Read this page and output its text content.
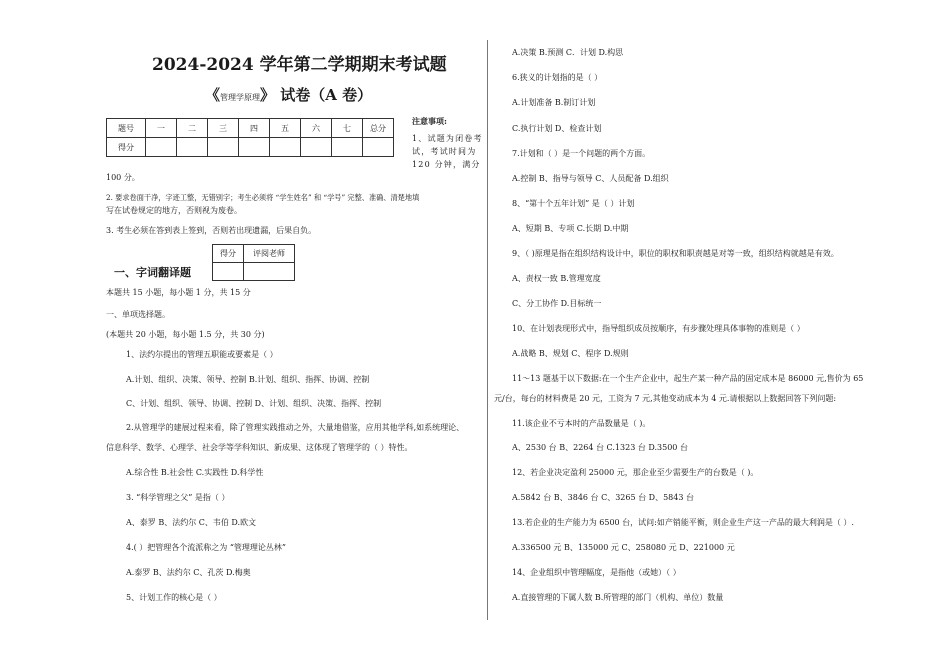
2024-2024 学年第二学期期末考试题
《管理学原理》 试卷（A 卷）
题号	一	二	三	四	五	六	七	总分
得分								
注意事项:
1、试题为闭卷考
试，考试时间为
120 分钟，满分
100 分。
2. 要求卷面干净，字迹工整，无错别字；考生必须将 “学生姓名” 和 “学号” 完整、准确、清楚地填
写在试卷规定的地方，否则视为废卷。
3. 考生必须在答到表上签到，否则若出现遗漏，后果自负。
得分	评阅老师

一、字词翻译题
本题共 15 小题，每小题 1 分，共 15 分
一、单项选择题。
(本题共 20 小题，每小题 1.5 分，共 30 分)
1、法约尔提出的管理五职能或要素是（ ）
A.计划、组织、决策、领导、控制 B.计划、组织、指挥、协调、控制
C、计划、组织、领导、协调、控制 D、计划、组织、决策、指挥、控制
2.从管理学的建展过程来看，除了管理实践推动之外，大量地借鉴，应用其他学科,如系统理论、
信息科学、数学、心理学、社会学等学科知识、新成果、这体现了管理学的（ ）特性。
A.综合性 B.社会性 C.实践性 D.科学性
3. “科学管理之父” 是指（ ）
A、泰罗 B、法约尔 C、韦伯 D.欧文
4.( ）把管理各个流派称之为 “管理理论丛林”
A.泰罗 B、法约尔 C、孔茨 D.梅奥
5、计划工作的核心是（ ）
A.决策 B.预测 C．计划 D.构思
6.狭义的计划指的是（ ）
A.计划准备 B.制订计划
C.执行计划 D、检查计划
7.计划和（ ）是一个问题的两个方面。
A.控制 B、指导与领导 C、人员配备 D.组织
8、“第十个五年计划” 是（ ）计划
A、短期 B、专项 C.长期 D.中期
9、（ )原理是指在组织结构设计中，职位的职权和职责越是对等一致，组织结构就越是有效。
A、责权一致 B.管理宽度
C、分工协作 D.目标统一
10、在计划表现形式中，指导组织成员按顺序，有步骤处理具体事物的准则是（ ）
A.战略 B、规划 C、程序 D.规则
11～13 题基于以下数据:在一个生产企业中，起生产某一种产品的固定成本是 86000 元,售价为 65
元/台，每台的材料费是 20 元，工资为 7 元,其他变动成本为 4 元.请根据以上数据回答下列问题:
11.该企业不亏本时的产品数量是（ )。
A、2530 台 B、2264 台 C.1323 台 D.3500 台
12、若企业决定盈利 25000 元，那企业至少需要生产的台数是（ )。
A.5842 台 B、3846 台 C、3265 台 D、5843 台
13.若企业的生产能力为 6500 台，试问:如产销能平衡，则企业生产这一产品的最大利润是（ ）.
A.336500 元 B、135000 元 C、258080 元 D、221000 元
14、企业组织中管理幅度，是指他（或她）（ ）
A.直接管理的下属人数 B.所管理的部门（机构、单位）数量
